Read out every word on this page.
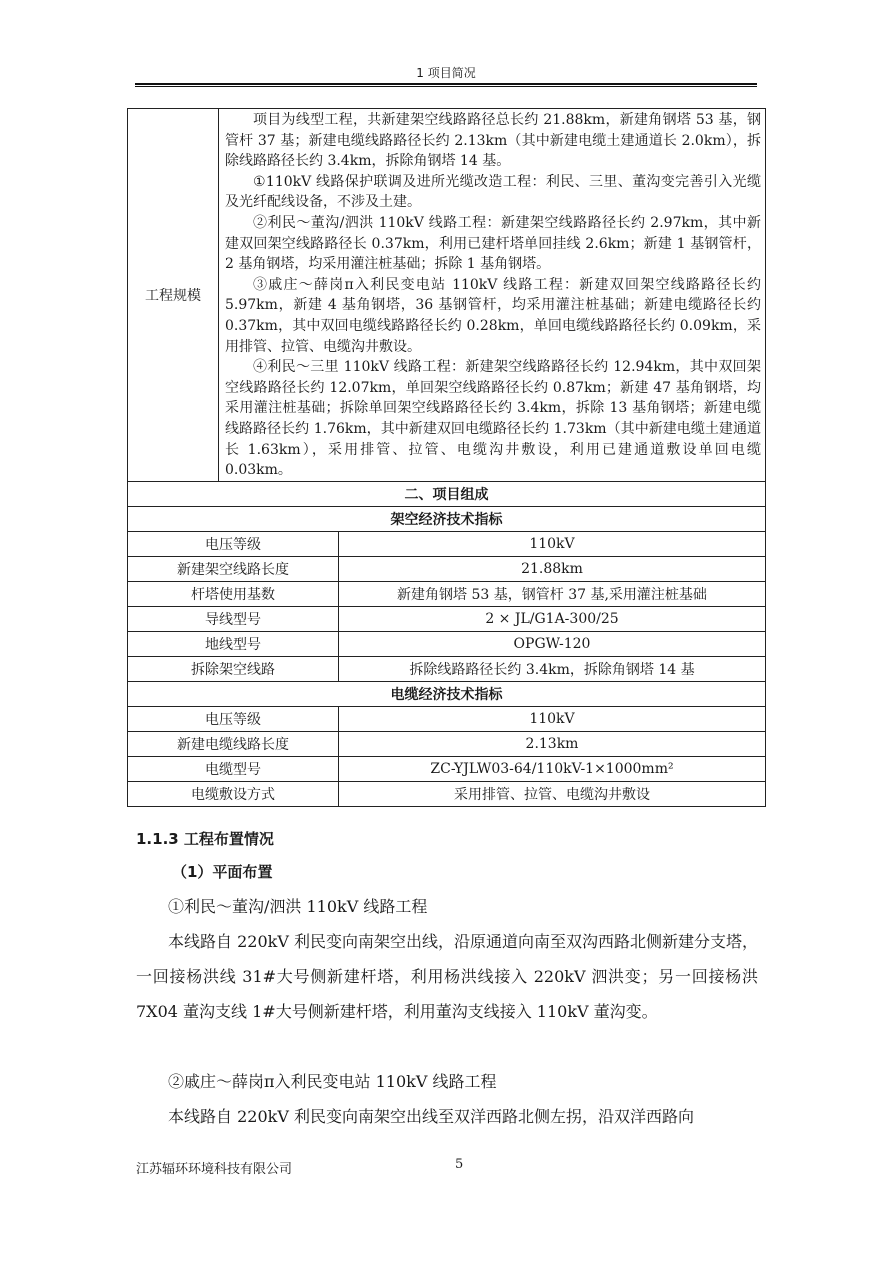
1 项目简况
工程规模	项目为线型工程，共新建架空线路路径总长约 21.88km，新建角钢塔 53 基，钢管杆 37 基；新建电缆线路路径长约 2.13km（其中新建电缆土建通道长 2.0km），拆除线路路径长约 3.4km，拆除角钢塔 14 基。

①110kV 线路保护联调及进所光缆改造工程：利民、三里、董沟变完善引入光缆及光纤配线设备，不涉及土建。

②利民～董沟/泗洪 110kV 线路工程：新建架空线路路径长约 2.97km，其中新建双回架空线路路径长 0.37km，利用已建杆塔单回挂线 2.6km；新建 1 基钢管杆，2 基角钢塔，均采用灌注桩基础；拆除 1 基角钢塔。

③戚庄～薛岗π入利民变电站 110kV 线路工程：新建双回架空线路路径长约 5.97km，新建 4 基角钢塔，36 基钢管杆，均采用灌注桩基础；新建电缆路径长约 0.37km，其中双回电缆线路路径长约 0.28km，单回电缆线路路径长约 0.09km，采用排管、拉管、电缆沟井敷设。

④利民～三里 110kV 线路工程：新建架空线路路径长约 12.94km，其中双回架空线路路径长约 12.07km，单回架空线路路径长约 0.87km；新建 47 基角钢塔，均采用灌注桩基础；拆除单回架空线路路径长约 3.4km，拆除 13 基角钢塔；新建电缆线路路径长约 1.76km，其中新建双回电缆路径长约 1.73km（其中新建电缆土建通道长 1.63km），采用排管、拉管、电缆沟井敷设，利用已建通道敷设单回电缆 0.03km。	

二、项目组成		
架空经济技术指标		
电压等级		110kV
新建架空线路长度		21.88km
杆塔使用基数		新建角钢塔 53 基，钢管杆 37 基,采用灌注桩基础
导线型号		2 × JL/G1A-300/25
地线型号		OPGW-120
拆除架空线路		拆除线路路径长约 3.4km，拆除角钢塔 14 基
电缆经济技术指标		
电压等级		110kV
新建电缆线路长度		2.13km
电缆型号		ZC-YJLW03-64/110kV-1×1000mm²
电缆敷设方式		采用排管、拉管、电缆沟井敷设
1.1.3 工程布置情况
（1）平面布置

①利民～董沟/泗洪 110kV 线路工程

本线路自 220kV 利民变向南架空出线，沿原通道向南至双沟西路北侧新建分支塔，一回接杨洪线 31#大号侧新建杆塔，利用杨洪线接入 220kV 泗洪变；另一回接杨洪 7X04 董沟支线 1#大号侧新建杆塔，利用董沟支线接入 110kV 董沟变。

②戚庄～薛岗π入利民变电站 110kV 线路工程

本线路自 220kV 利民变向南架空出线至双洋西路北侧左拐，沿双洋西路向

江苏辐环环境科技有限公司	5
